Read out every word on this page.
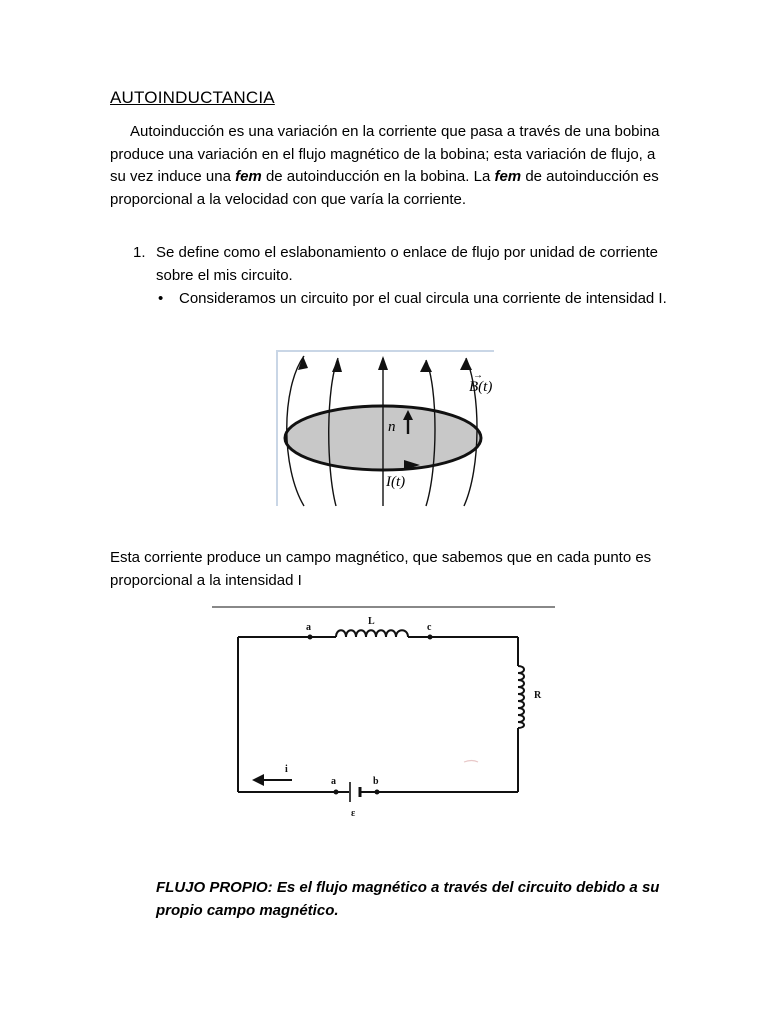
AUTOINDUCTANCIA
Autoinducción es una variación en la corriente que pasa a través de una bobina produce una variación en el flujo magnético de la bobina; esta variación de flujo, a su vez induce una fem de autoinducción en la bobina. La fem de autoinducción es proporcional a la velocidad con que varía la corriente.
1. Se define como el eslabonamiento o enlace de flujo por unidad de corriente sobre el mis circuito.
• Consideramos un circuito por el cual circula una corriente de intensidad I.
n
I(t)
B(t)
→
Esta corriente produce un campo magnético, que sabemos que en cada punto es proporcional a la intensidad I
a
L
c
R
i
a	b
ε
FLUJO PROPIO: Es el flujo magnético a través del circuito debido a su propio campo magnético.
